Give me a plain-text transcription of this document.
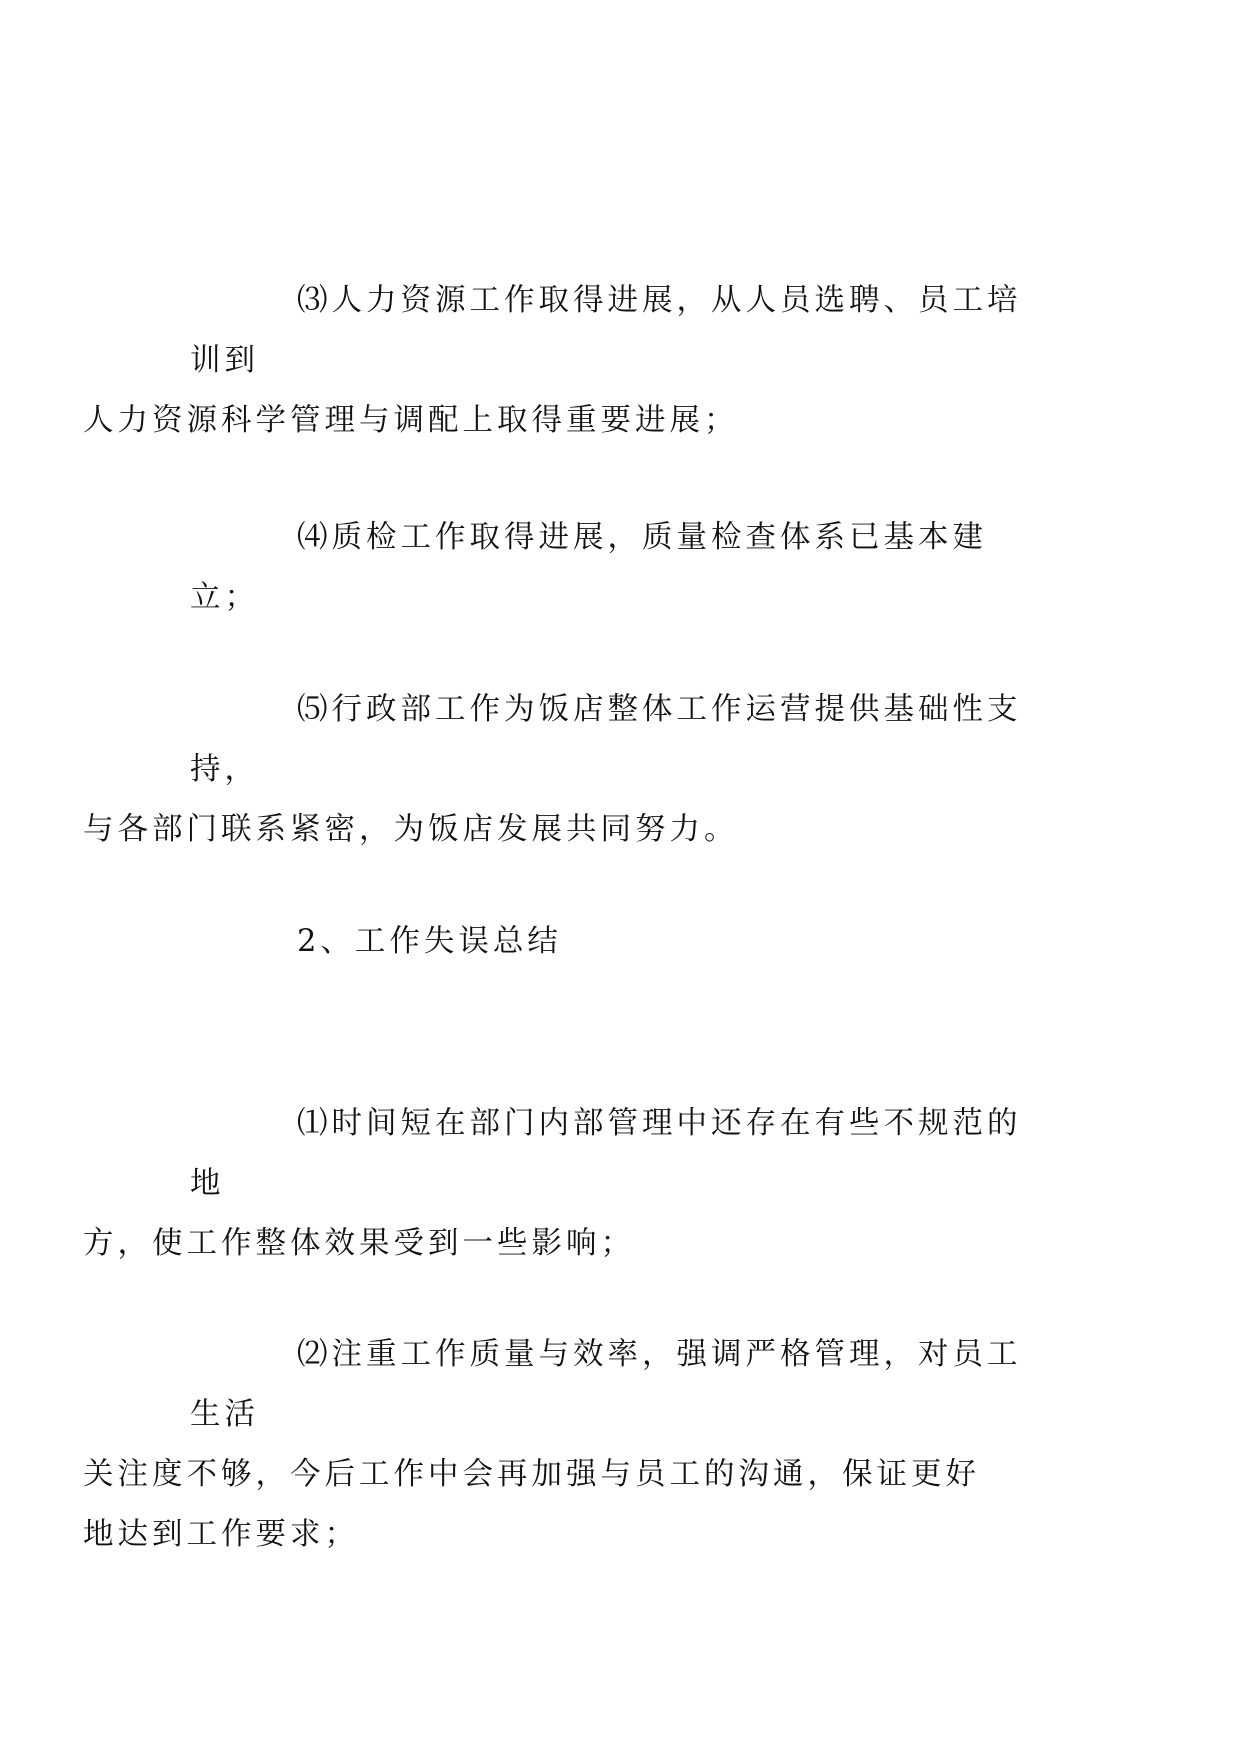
⑶人力资源工作取得进展，从人员选聘、员工培训到
人力资源科学管理与调配上取得重要进展；

⑷质检工作取得进展，质量检查体系已基本建立；

⑸行政部工作为饭店整体工作运营提供基础性支持，
与各部门联系紧密，为饭店发展共同努力。

2、工作失误总结

⑴时间短在部门内部管理中还存在有些不规范的地
方，使工作整体效果受到一些影响；

⑵注重工作质量与效率，强调严格管理，对员工生活
关注度不够，今后工作中会再加强与员工的沟通，保证更好
地达到工作要求；
